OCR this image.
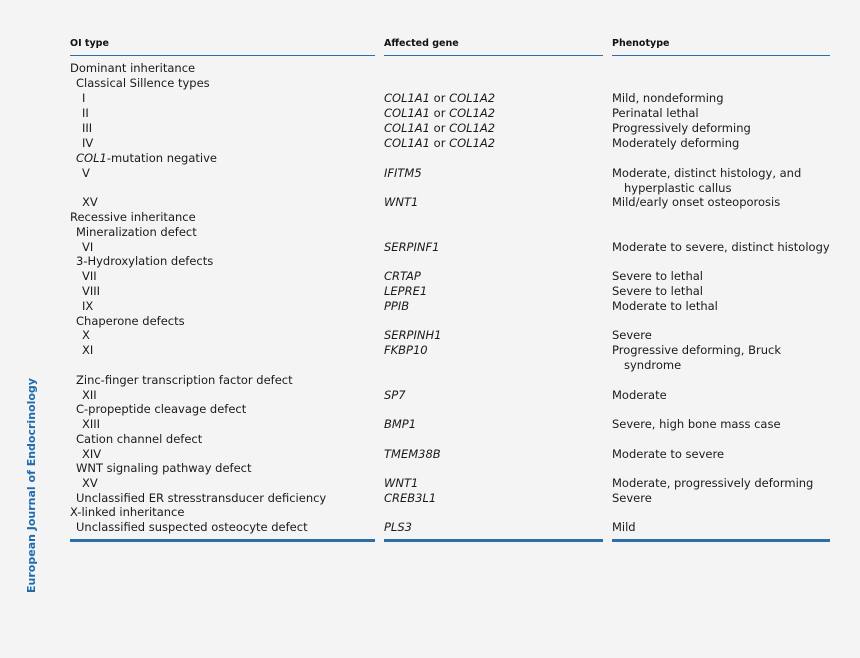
European Journal of Endocrinology
OI type	Affected gene	Phenotype
Dominant inheritance
Classical Sillence types
I	COL1A1 or COL1A2	Mild, nondeforming
II	COL1A1 or COL1A2	Perinatal lethal
III	COL1A1 or COL1A2	Progressively deforming
IV	COL1A1 or COL1A2	Moderately deforming
COL1-mutation negative
V	IFITM5	Moderate, distinct histology, and
hyperplastic callus
XV	WNT1	Mild/early onset osteoporosis
Recessive inheritance
Mineralization defect
VI	SERPINF1	Moderate to severe, distinct histology
3-Hydroxylation defects
VII	CRTAP	Severe to lethal
VIII	LEPRE1	Severe to lethal
IX	PPIB	Moderate to lethal
Chaperone defects
X	SERPINH1	Severe
XI	FKBP10	Progressive deforming, Bruck
syndrome
Zinc-finger transcription factor defect
XII	SP7	Moderate
C-propeptide cleavage defect
XIII	BMP1	Severe, high bone mass case
Cation channel defect
XIV	TMEM38B	Moderate to severe
WNT signaling pathway defect
XV	WNT1	Moderate, progressively deforming
Unclassified ER stresstransducer deficiency	CREB3L1	Severe
X-linked inheritance
Unclassified suspected osteocyte defect	PLS3	Mild
